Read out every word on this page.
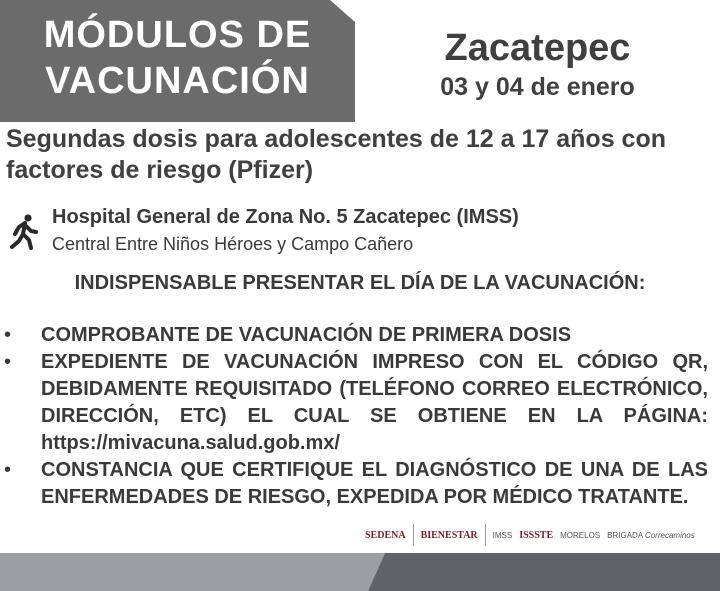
MÓDULOS DE
VACUNACIÓN
Zacatepec
03 y 04 de enero
Segundas dosis para adolescentes de 12 a 17 años con factores de riesgo (Pfizer)
Hospital General de Zona No. 5 Zacatepec (IMSS)
Central Entre Niños Héroes y Campo Cañero
INDISPENSABLE PRESENTAR EL DÍA DE LA VACUNACIÓN:
• COMPROBANTE DE VACUNACIÓN DE PRIMERA DOSIS
• EXPEDIENTE DE VACUNACIÓN IMPRESO CON EL CÓDIGO QR, DEBIDAMENTE REQUISITADO (TELÉFONO CORREO ELECTRÓNICO, DIRECCIÓN, ETC) EL CUAL SE OBTIENE EN LA PÁGINA: https://mivacuna.salud.gob.mx/
• CONSTANCIA QUE CERTIFIQUE EL DIAGNÓSTICO DE UNA DE LAS ENFERMEDADES DE RIESGO, EXPEDIDA POR MÉDICO TRATANTE.
SEDENA BIENESTAR IMSS ISSSTE MORELOS BRIGADA Correcaminos
